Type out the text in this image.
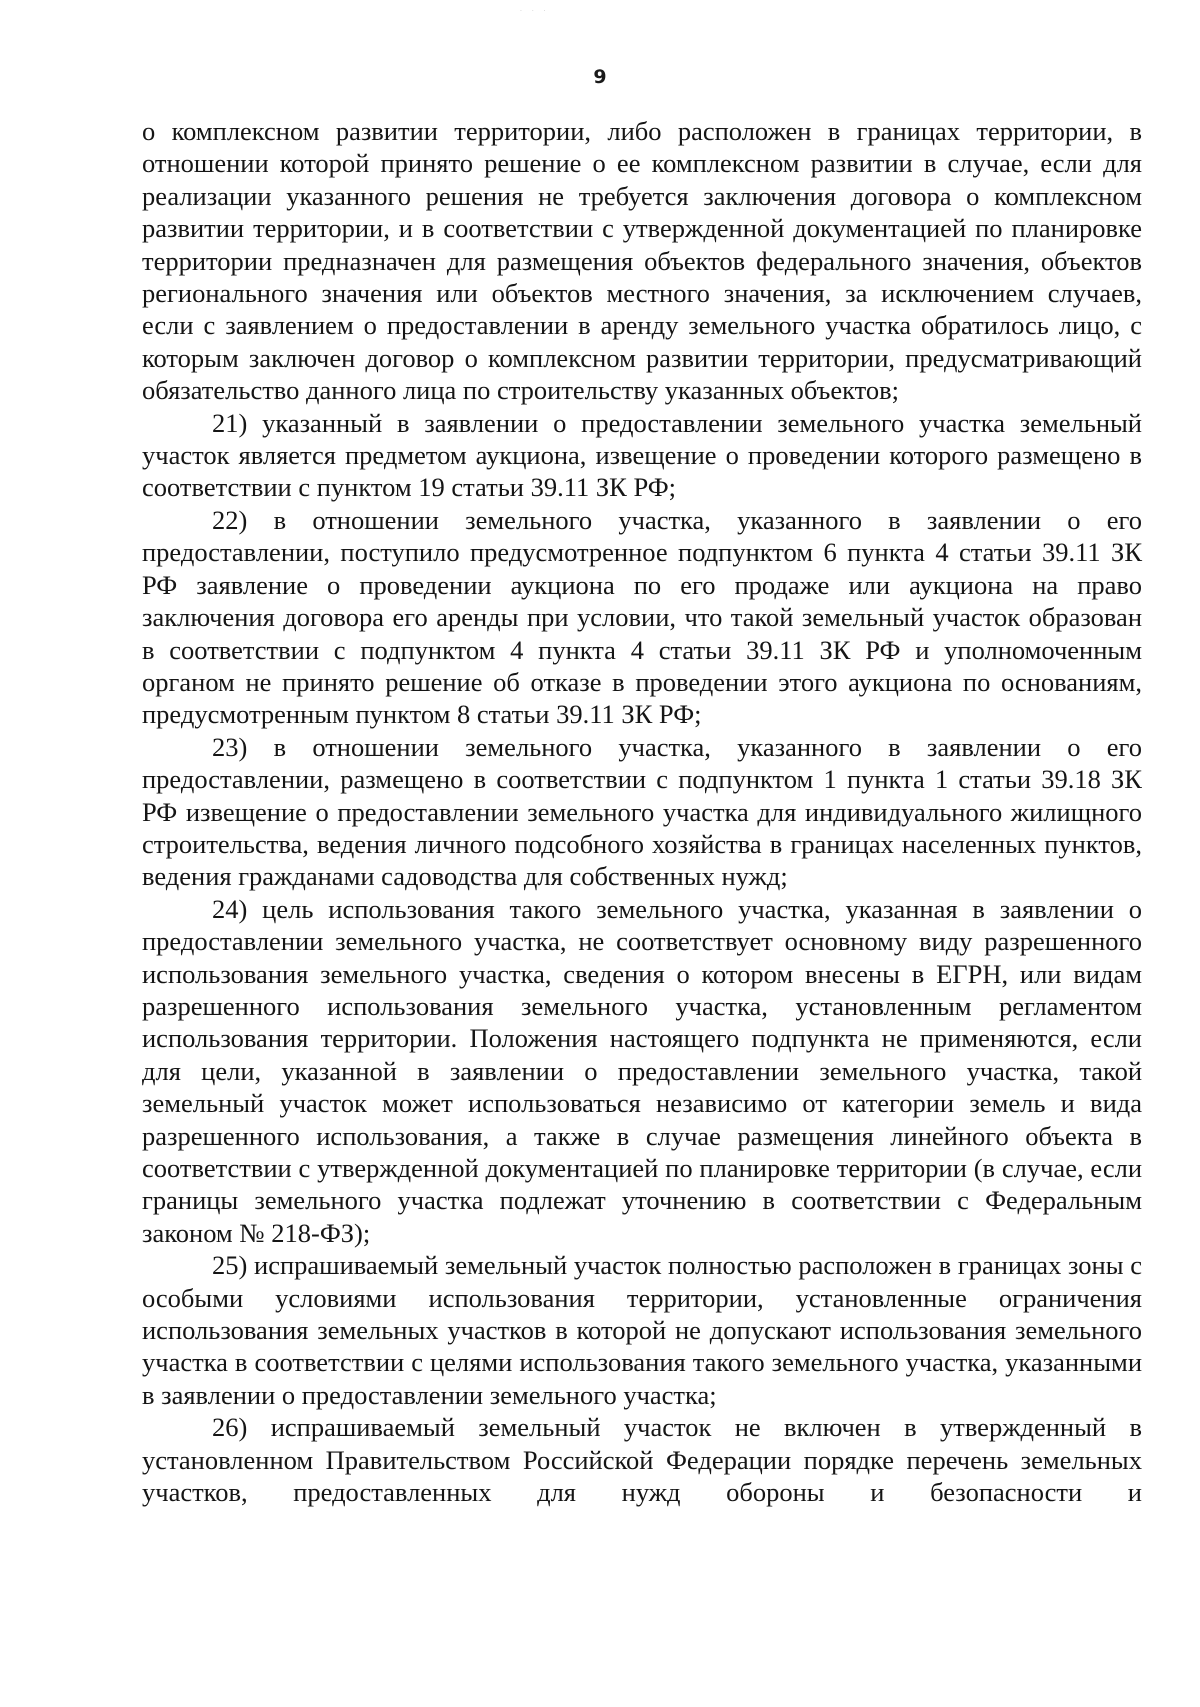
· · ·
9

о комплексном развитии территории, либо расположен в границах территории, в отношении которой принято решение о ее комплексном развитии в случае, если для реализации указанного решения не требуется заключения договора о комплексном развитии территории, и в соответствии с утвержденной документацией по планировке территории предназначен для размещения объектов федерального значения, объектов регионального значения или объектов местного значения, за исключением случаев, если с заявлением о предоставлении в аренду земельного участка обратилось лицо, с которым заключен договор о комплексном развитии территории, предусматривающий обязательство данного лица по строительству указанных объектов;

21) указанный в заявлении о предоставлении земельного участка земельный участок является предметом аукциона, извещение о проведении которого размещено в соответствии с пунктом 19 статьи 39.11 ЗК РФ;

22) в отношении земельного участка, указанного в заявлении о его предоставлении, поступило предусмотренное подпунктом 6 пункта 4 статьи 39.11 ЗК РФ заявление о проведении аукциона по его продаже или аукциона на право заключения договора его аренды при условии, что такой земельный участок образован в соответствии с подпунктом 4 пункта 4 статьи 39.11 ЗК РФ и уполномоченным органом не принято решение об отказе в проведении этого аукциона по основаниям, предусмотренным пунктом 8 статьи 39.11 ЗК РФ;

23) в отношении земельного участка, указанного в заявлении о его предоставлении, размещено в соответствии с подпунктом 1 пункта 1 статьи 39.18 ЗК РФ извещение о предоставлении земельного участка для индивидуального жилищного строительства, ведения личного подсобного хозяйства в границах населенных пунктов, ведения гражданами садоводства для собственных нужд;

24) цель использования такого земельного участка, указанная в заявлении о предоставлении земельного участка, не соответствует основному виду разрешенного использования земельного участка, сведения о котором внесены в ЕГРН, или видам разрешенного использования земельного участка, установленным регламентом использования территории. Положения настоящего подпункта не применяются, если для цели, указанной в заявлении о предоставлении земельного участка, такой земельный участок может использоваться независимо от категории земель и вида разрешенного использования, а также в случае размещения линейного объекта в соответствии с утвержденной документацией по планировке территории (в случае, если границы земельного участка подлежат уточнению в соответствии с Федеральным законом № 218-ФЗ);

25) испрашиваемый земельный участок полностью расположен в границах зоны с особыми условиями использования территории, установленные ограничения использования земельных участков в которой не допускают использования земельного участка в соответствии с целями использования такого земельного участка, указанными в заявлении о предоставлении земельного участка;

26) испрашиваемый земельный участок не включен в утвержденный в установленном Правительством Российской Федерации порядке перечень земельных участков, предоставленных для нужд обороны и безопасности и
